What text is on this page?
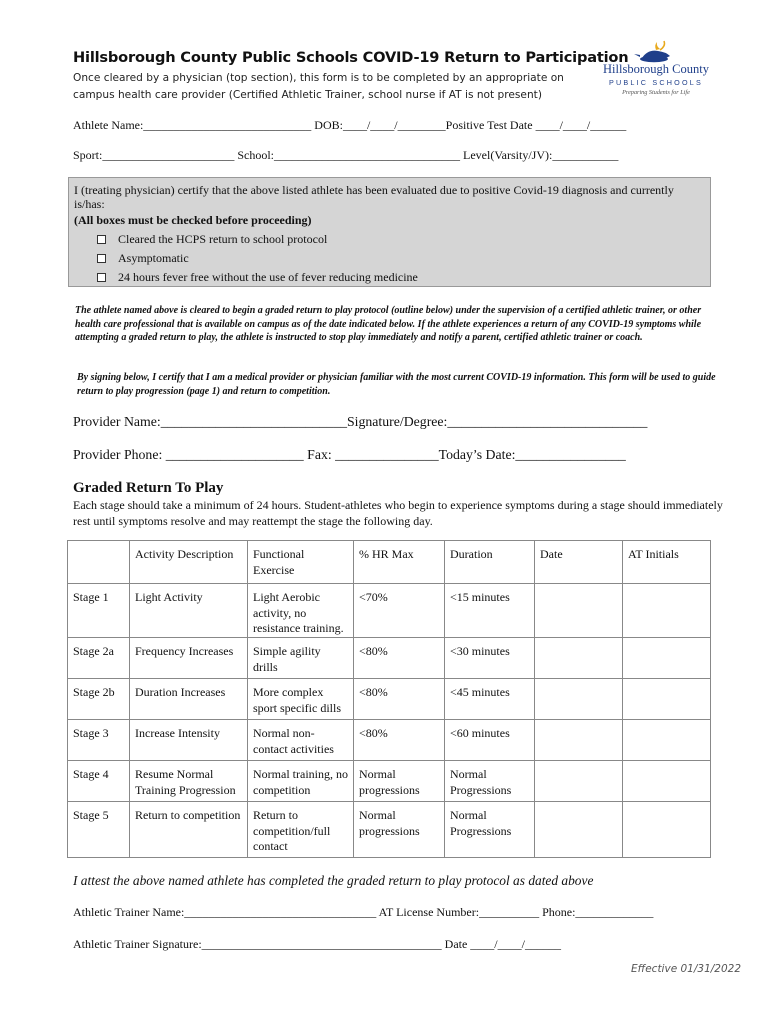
Hillsborough County Public Schools COVID-19 Return to Participation
Once cleared by a physician (top section), this form is to be completed by an appropriate on
campus health care provider (Certified Athletic Trainer, school nurse if AT is not present)
Hillsborough County
PUBLIC SCHOOLS
Preparing Students for Life
Athlete Name:____________________________ DOB:____/____/________Positive Test Date ____/____/______
Sport:______________________ School:_______________________________ Level(Varsity/JV):___________
I (treating physician) certify that the above listed athlete has been evaluated due to positive Covid-19 diagnosis and currently is/has:
(All boxes must be checked before proceeding)
Cleared the HCPS return to school protocol
Asymptomatic
24 hours fever free without the use of fever reducing medicine
The athlete named above is cleared to begin a graded return to play protocol (outline below) under the supervision of a certified athletic trainer, or other health care professional that is available on campus as of the date indicated below. If the athlete experiences a return of any COVID-19 symptoms while attempting a graded return to play, the athlete is instructed to stop play immediately and notify a parent, certified athletic trainer or coach.
By signing below, I certify that I am a medical provider or physician familiar with the most current COVID-19 information. This form will be used to guide return to play progression (page 1) and return to competition.
Provider Name:___________________________Signature/Degree:_____________________________
Provider Phone: ____________________ Fax: _______________Today’s Date:________________
Graded Return To Play
Each stage should take a minimum of 24 hours. Student-athletes who begin to experience symptoms during a stage should immediately rest until symptoms resolve and may reattempt the stage the following day.
	Activity Description	Functional Exercise	% HR Max	Duration	Date	AT Initials
Stage 1	Light Activity	Light Aerobic activity, no resistance training.	<70%	<15 minutes		
Stage 2a	Frequency Increases	Simple agility drills	<80%	<30 minutes		
Stage 2b	Duration Increases	More complex sport specific dills	<80%	<45 minutes		
Stage 3	Increase Intensity	Normal non-contact activities	<80%	<60 minutes		
Stage 4	Resume Normal Training Progression	Normal training, no competition	Normal progressions	Normal Progressions		
Stage 5	Return to competition	Return to competition/full contact	Normal progressions	Normal Progressions		
I attest the above named athlete has completed the graded return to play protocol as dated above
Athletic Trainer Name:________________________________ AT License Number:__________ Phone:_____________
Athletic Trainer Signature:________________________________________ Date ____/____/______
Effective 01/31/2022
